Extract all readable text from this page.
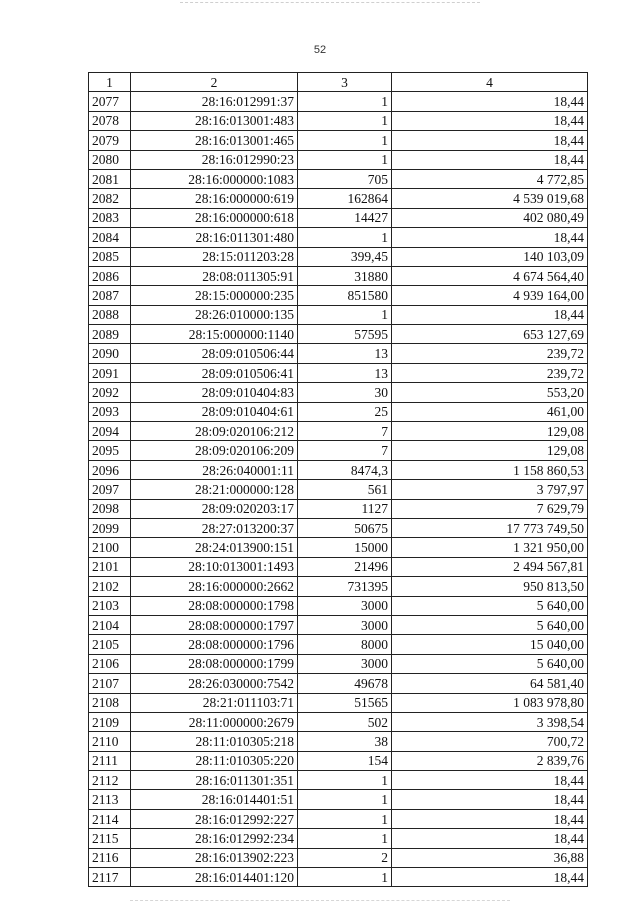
52
1	2	3	4
2077	28:16:012991:37	1	18,44
2078	28:16:013001:483	1	18,44
2079	28:16:013001:465	1	18,44
2080	28:16:012990:23	1	18,44
2081	28:16:000000:1083	705	4 772,85
2082	28:16:000000:619	162864	4 539 019,68
2083	28:16:000000:618	14427	402 080,49
2084	28:16:011301:480	1	18,44
2085	28:15:011203:28	399,45	140 103,09
2086	28:08:011305:91	31880	4 674 564,40
2087	28:15:000000:235	851580	4 939 164,00
2088	28:26:010000:135	1	18,44
2089	28:15:000000:1140	57595	653 127,69
2090	28:09:010506:44	13	239,72
2091	28:09:010506:41	13	239,72
2092	28:09:010404:83	30	553,20
2093	28:09:010404:61	25	461,00
2094	28:09:020106:212	7	129,08
2095	28:09:020106:209	7	129,08
2096	28:26:040001:11	8474,3	1 158 860,53
2097	28:21:000000:128	561	3 797,97
2098	28:09:020203:17	1127	7 629,79
2099	28:27:013200:37	50675	17 773 749,50
2100	28:24:013900:151	15000	1 321 950,00
2101	28:10:013001:1493	21496	2 494 567,81
2102	28:16:000000:2662	731395	950 813,50
2103	28:08:000000:1798	3000	5 640,00
2104	28:08:000000:1797	3000	5 640,00
2105	28:08:000000:1796	8000	15 040,00
2106	28:08:000000:1799	3000	5 640,00
2107	28:26:030000:7542	49678	64 581,40
2108	28:21:011103:71	51565	1 083 978,80
2109	28:11:000000:2679	502	3 398,54
2110	28:11:010305:218	38	700,72
2111	28:11:010305:220	154	2 839,76
2112	28:16:011301:351	1	18,44
2113	28:16:014401:51	1	18,44
2114	28:16:012992:227	1	18,44
2115	28:16:012992:234	1	18,44
2116	28:16:013902:223	2	36,88
2117	28:16:014401:120	1	18,44
